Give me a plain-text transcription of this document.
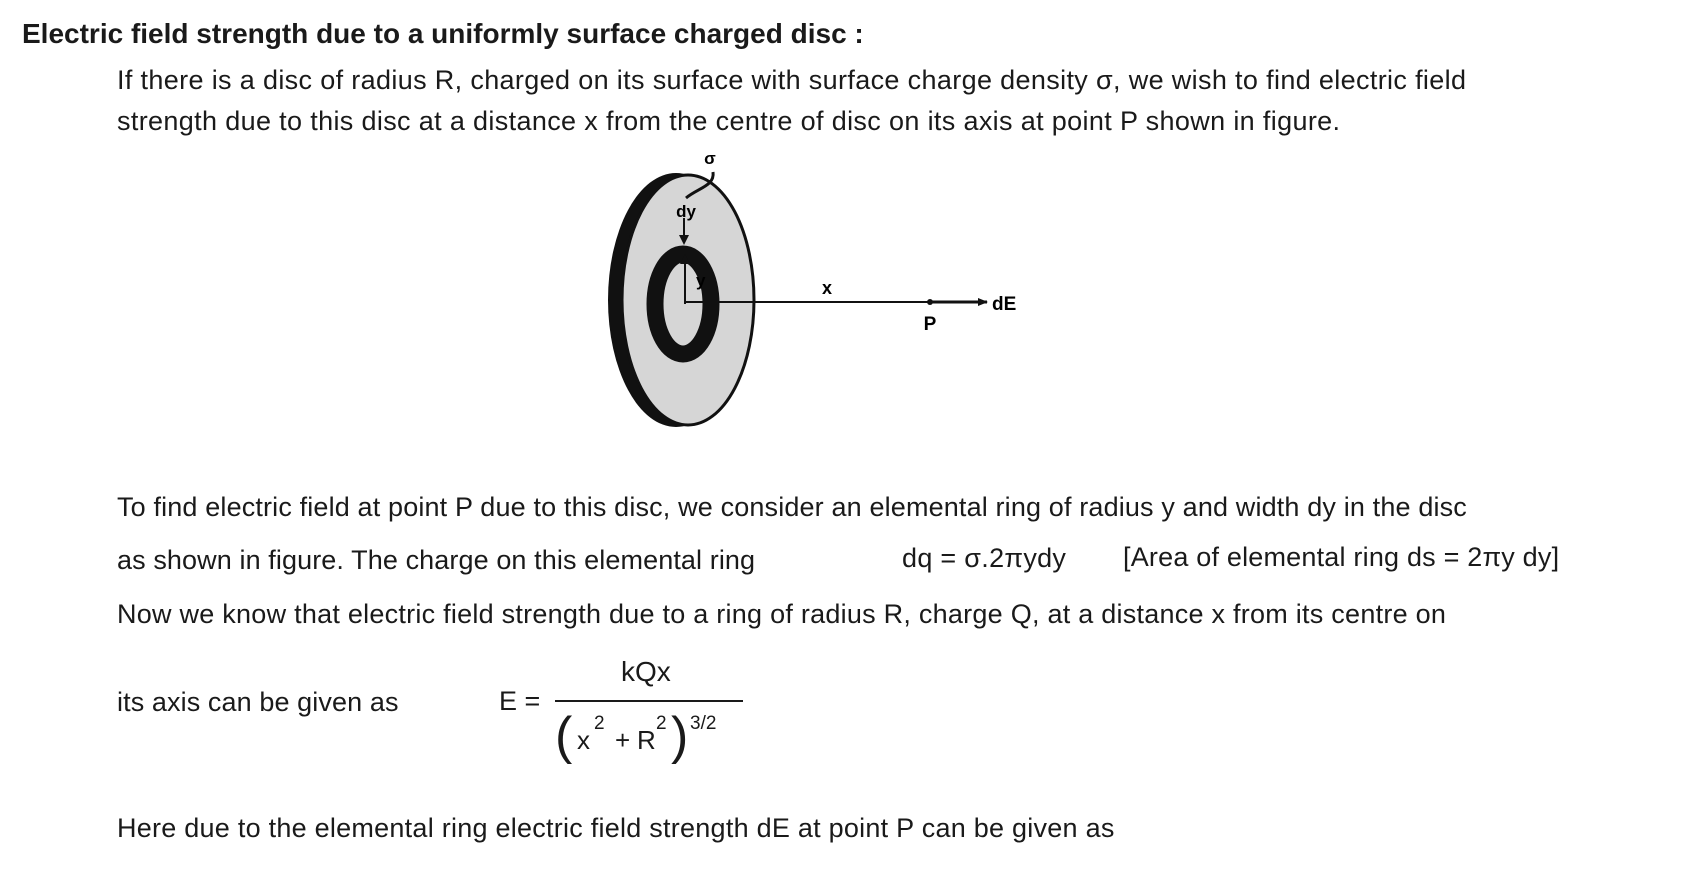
Electric field strength due to a uniformly surface charged disc :
If there is a disc of radius R, charged on its surface with surface charge density σ, we wish to find electric field
strength due to this disc at a distance x from the centre of disc on its axis at point P shown in figure.
σ
dy
y	x
P
dE
To find electric field at point P due to this disc, we consider an elemental ring of radius y and width dy in the disc
as shown in figure. The charge on this elemental ring	dq = σ.2πydy [Area of elemental ring ds = 2πy dy]
Now we know that electric field strength due to a ring of radius R, charge Q, at a distance x from its centre on
its axis can be given as	E =
kQx
( x
2
+ R
2 ) 3/2
Here due to the elemental ring electric field strength dE at point P can be given as
